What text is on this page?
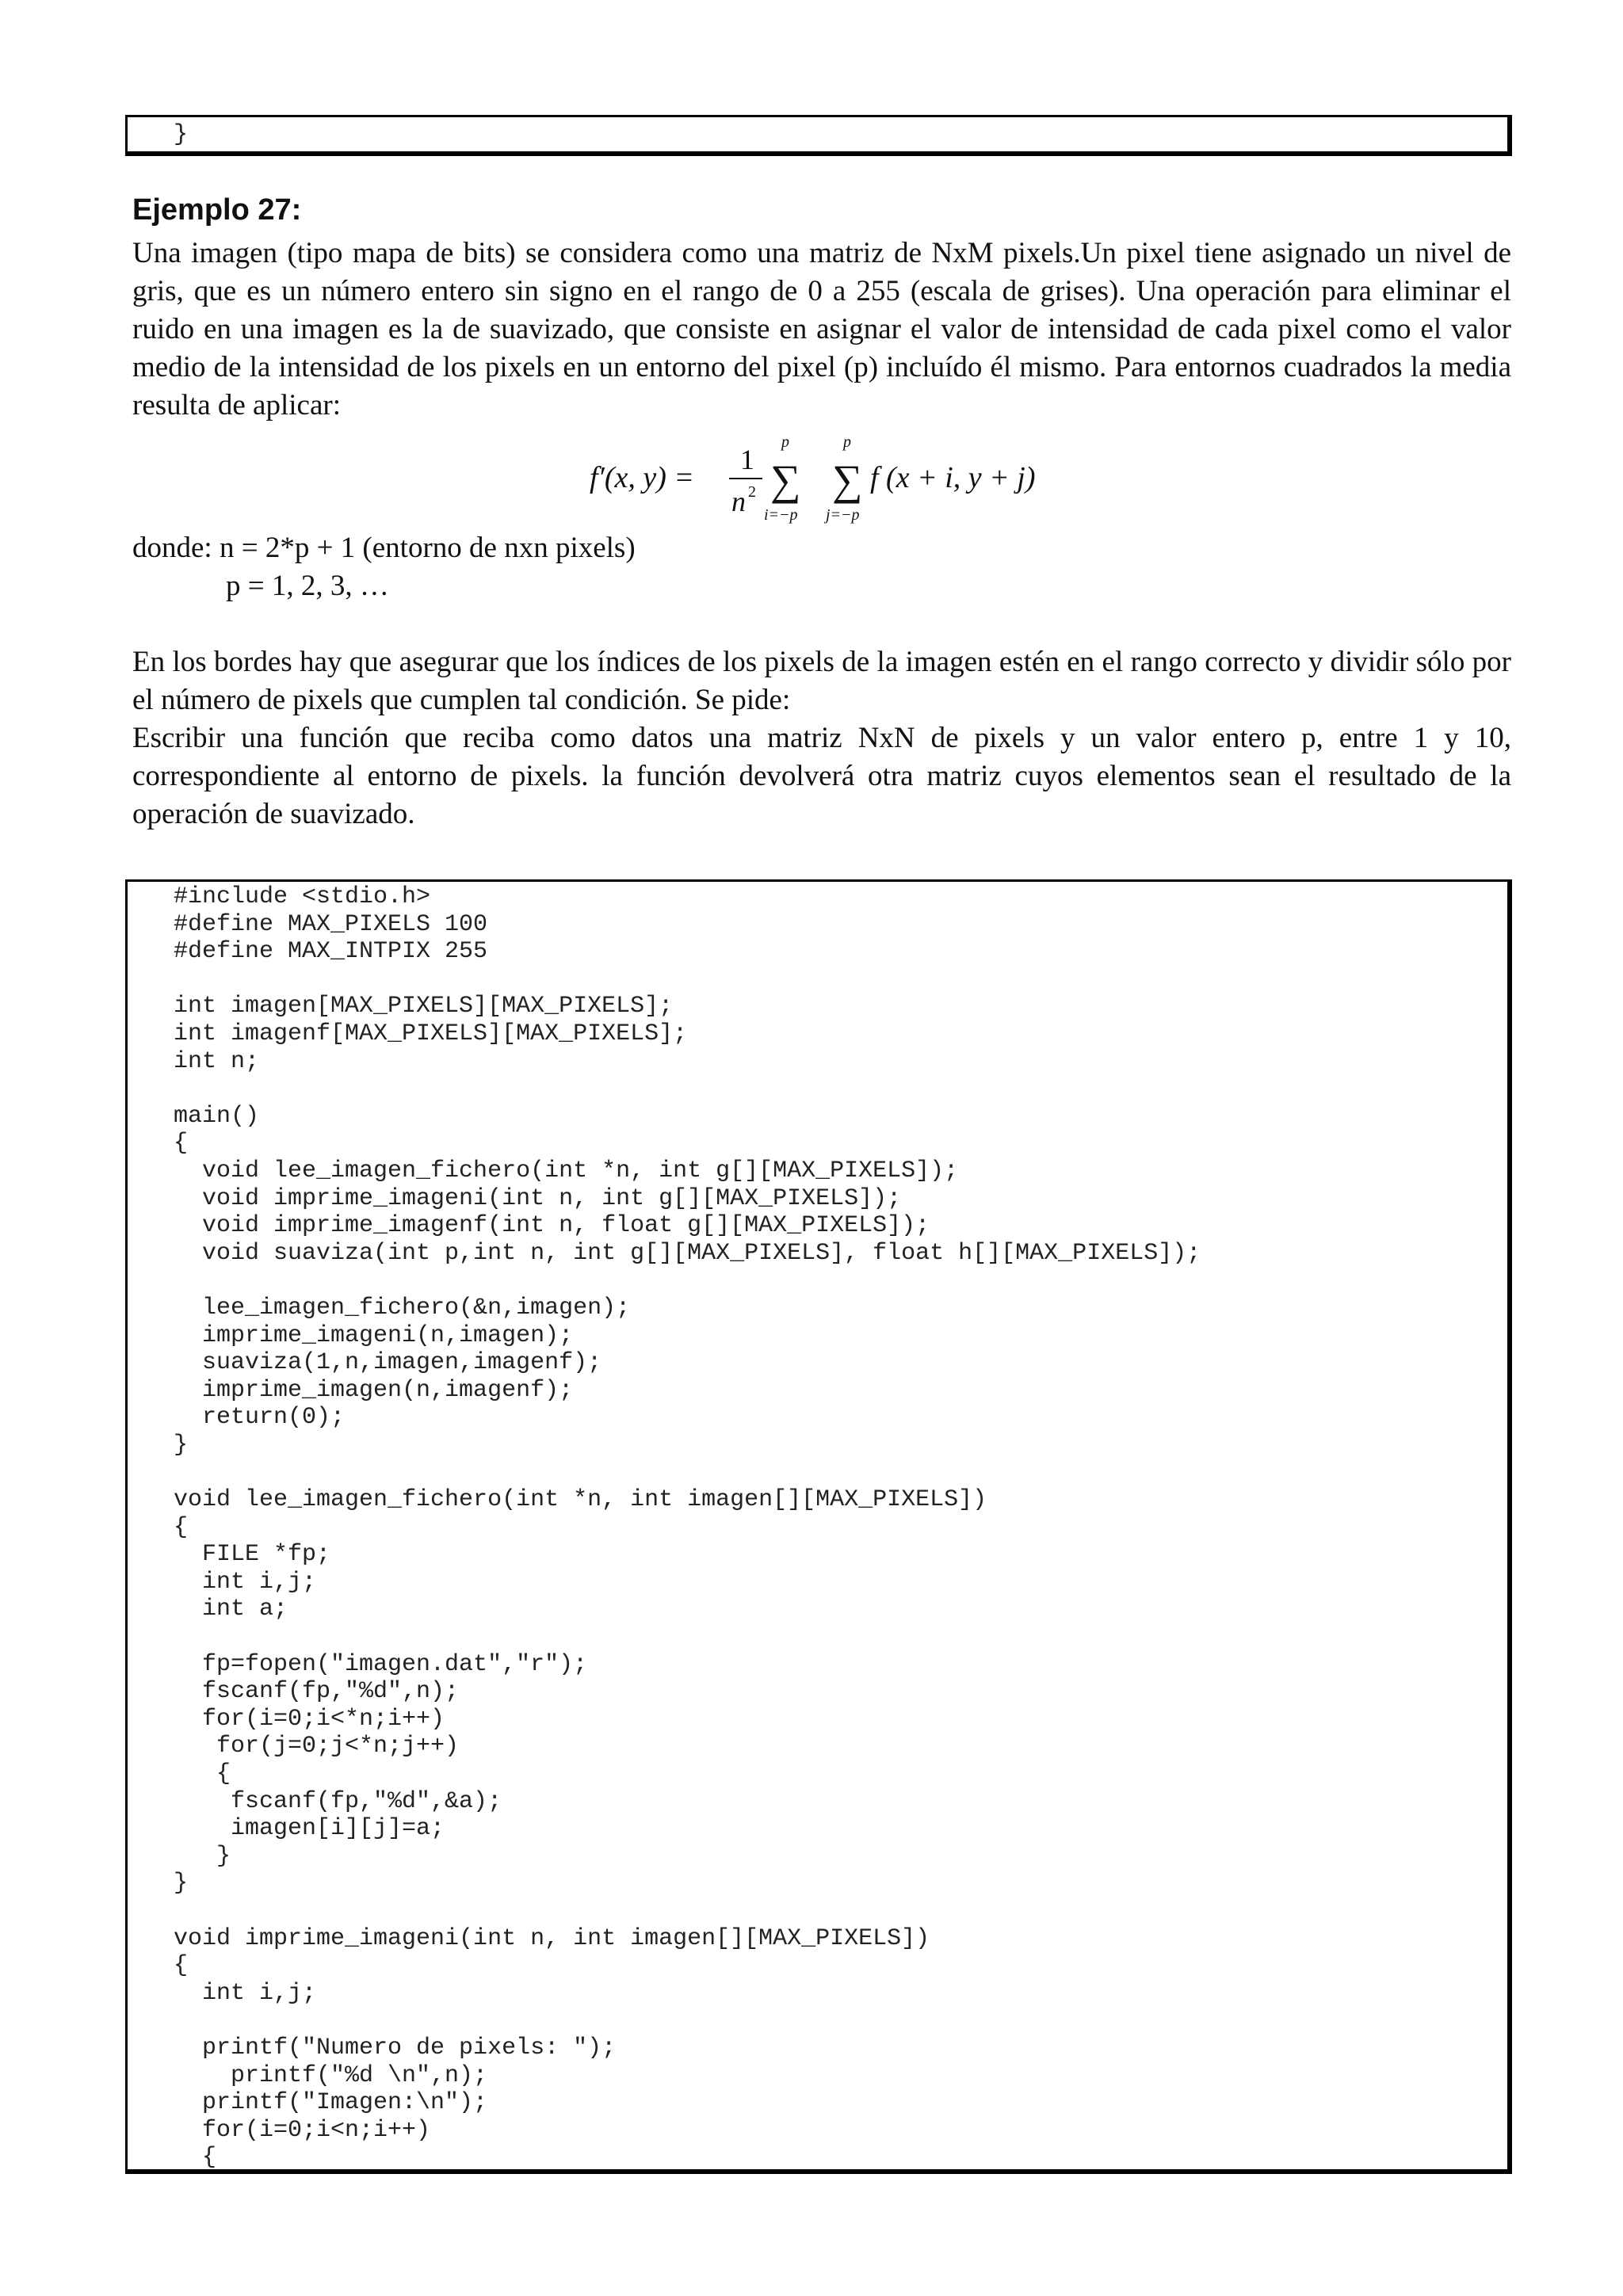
}
Ejemplo 27:

Una imagen (tipo mapa de bits) se considera como una matriz de NxM pixels.Un pixel tiene asignado un nivel de gris, que es un número entero sin signo en el rango de 0 a 255 (escala de grises). Una operación para eliminar el ruido en una imagen es la de suavizado, que consiste en asignar el valor de intensidad de cada pixel como el valor medio de la intensidad de los pixels en un entorno del pixel (p) incluído él mismo. Para entornos cuadrados la media resulta de aplicar:

f′(x, y) =
1
n 2
p
∑
i=−p
p
∑
j=−p
f (x + i, y + j)

donde: n = 2*p + 1 (entorno de nxn pixels)

p = 1, 2, 3, …

En los bordes hay que asegurar que los índices de los pixels de la imagen estén en el rango correcto y dividir sólo por el número de pixels que cumplen tal condición. Se pide:
Escribir una función que reciba como datos una matriz NxN de pixels y un valor entero p, entre 1 y 10, correspondiente al entorno de pixels. la función devolverá otra matriz cuyos elementos sean el resultado de la operación de suavizado.
#include <stdio.h>
#define MAX_PIXELS 100
#define MAX_INTPIX 255

int imagen[MAX_PIXELS][MAX_PIXELS];
int imagenf[MAX_PIXELS][MAX_PIXELS];
int n;

main()
{
void lee_imagen_fichero(int *n, int g[][MAX_PIXELS]);
void imprime_imageni(int n, int g[][MAX_PIXELS]);
void imprime_imagenf(int n, float g[][MAX_PIXELS]);
void suaviza(int p,int n, int g[][MAX_PIXELS], float h[][MAX_PIXELS]);

lee_imagen_fichero(&n,imagen);
imprime_imageni(n,imagen);
suaviza(1,n,imagen,imagenf);
imprime_imagen(n,imagenf);
return(0);
}

void lee_imagen_fichero(int *n, int imagen[][MAX_PIXELS])
{
FILE *fp;
int i,j;
int a;

fp=fopen("imagen.dat","r");
fscanf(fp,"%d",n);
for(i=0;i<*n;i++)
for(j=0;j<*n;j++)
{
fscanf(fp,"%d",&a);
imagen[i][j]=a;
}
}

void imprime_imageni(int n, int imagen[][MAX_PIXELS])
{
int i,j;

printf("Numero de pixels: ");
printf("%d \n",n);
printf("Imagen:\n");
for(i=0;i<n;i++)
{
